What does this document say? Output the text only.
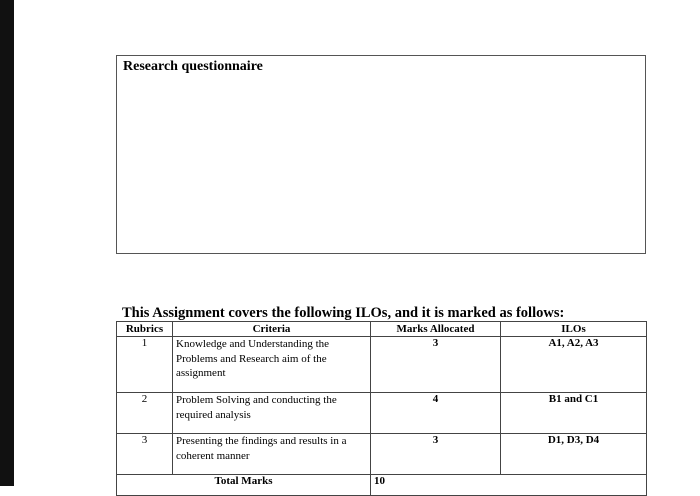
Research questionnaire
This Assignment covers the following ILOs, and it is marked as follows:
Rubrics	Criteria	Marks Allocated	ILOs
1	Knowledge and Understanding the Problems and Research aim of the assignment	3	A1, A2, A3
2	Problem Solving and conducting the required analysis	4	B1 and C1
3	Presenting the findings and results in a coherent manner	3	D1, D3, D4
Total Marks		10	
